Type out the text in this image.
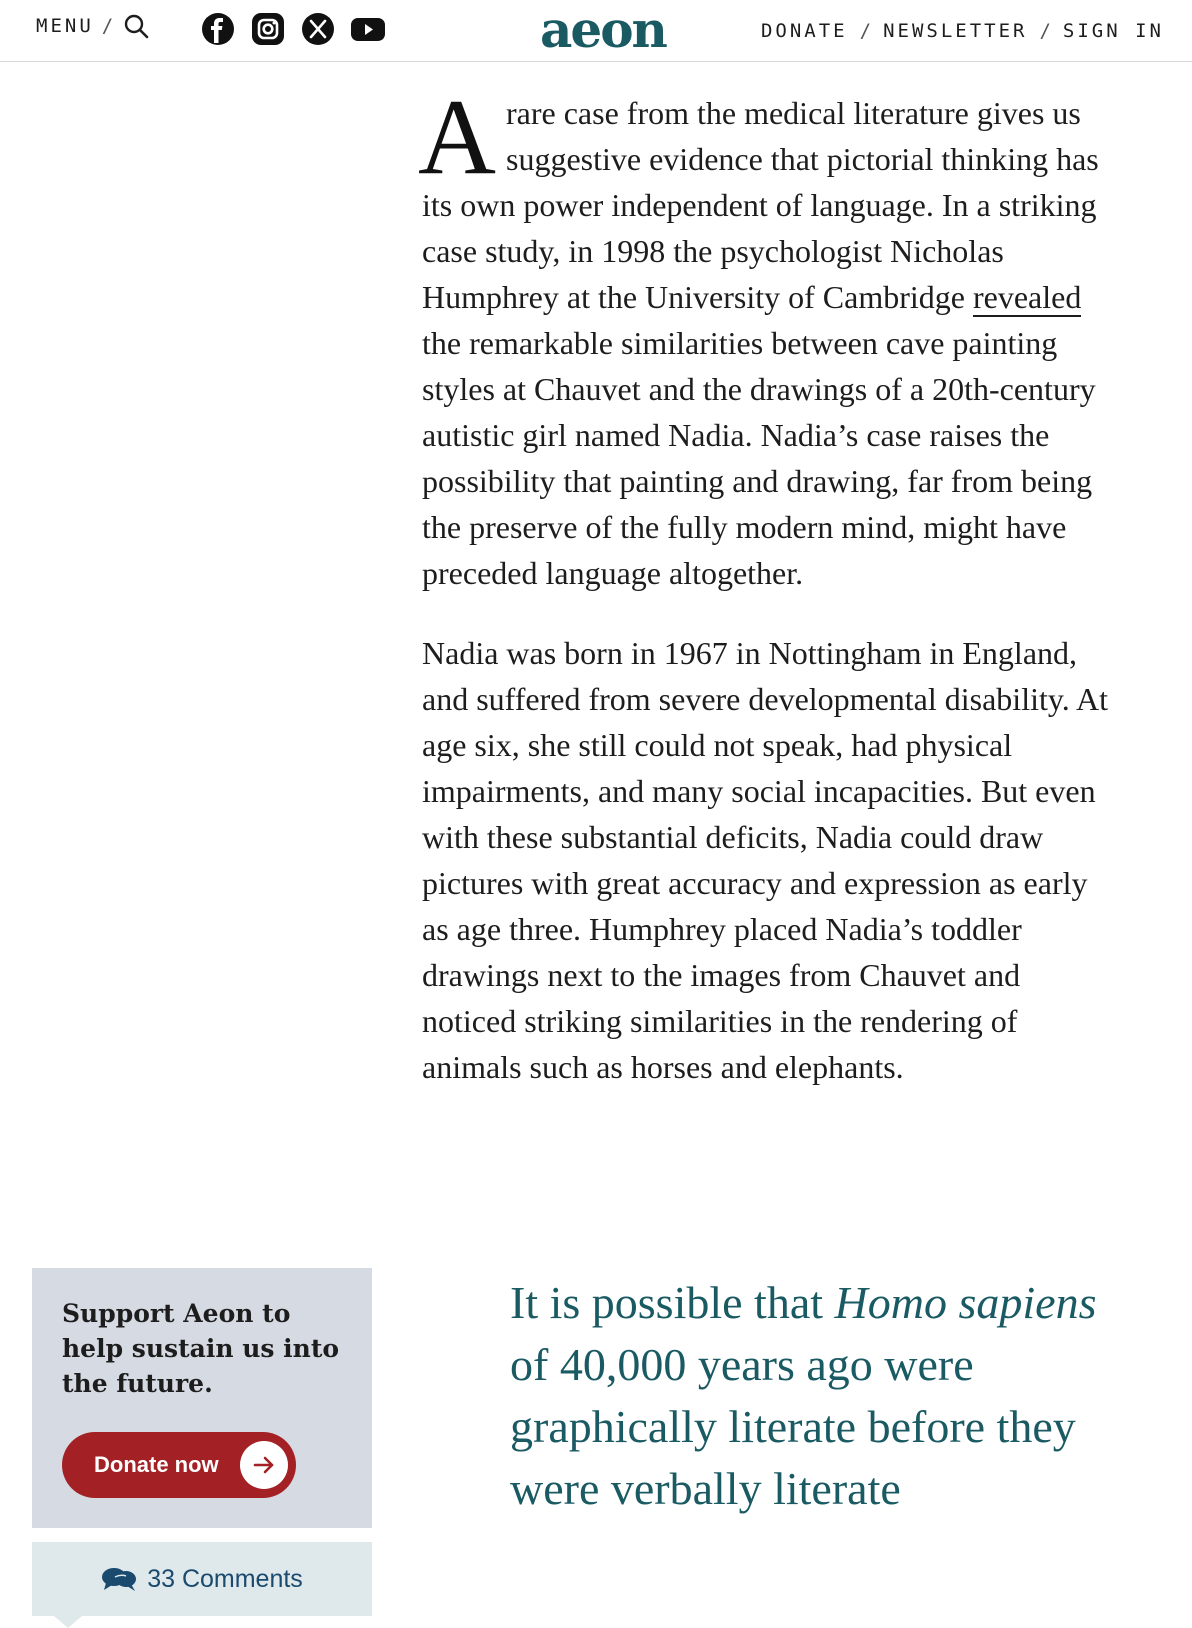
MENU /	aeon	DONATE / NEWSLETTER / SIGN IN

A rare case from the medical literature gives us suggestive evidence that pictorial thinking has its own power independent of language. In a striking case study, in 1998 the psychologist Nicholas Humphrey at the University of Cambridge revealed the remarkable similarities between cave painting styles at Chauvet and the drawings of a 20th-century autistic girl named Nadia. Nadia’s case raises the possibility that painting and drawing, far from being the preserve of the fully modern mind, might have preceded language altogether.

Nadia was born in 1967 in Nottingham in England, and suffered from severe developmental disability. At age six, she still could not speak, had physical impairments, and many social incapacities. But even with these substantial deficits, Nadia could draw pictures with great accuracy and expression as early as age three. Humphrey placed Nadia’s toddler drawings next to the images from Chauvet and noticed striking similarities in the rendering of animals such as horses and elephants.

It is possible that Homo sapiens of 40,000 years ago were graphically literate before they were verbally literate
Support Aeon to help sustain us into the future.
Donate now
33 Comments
